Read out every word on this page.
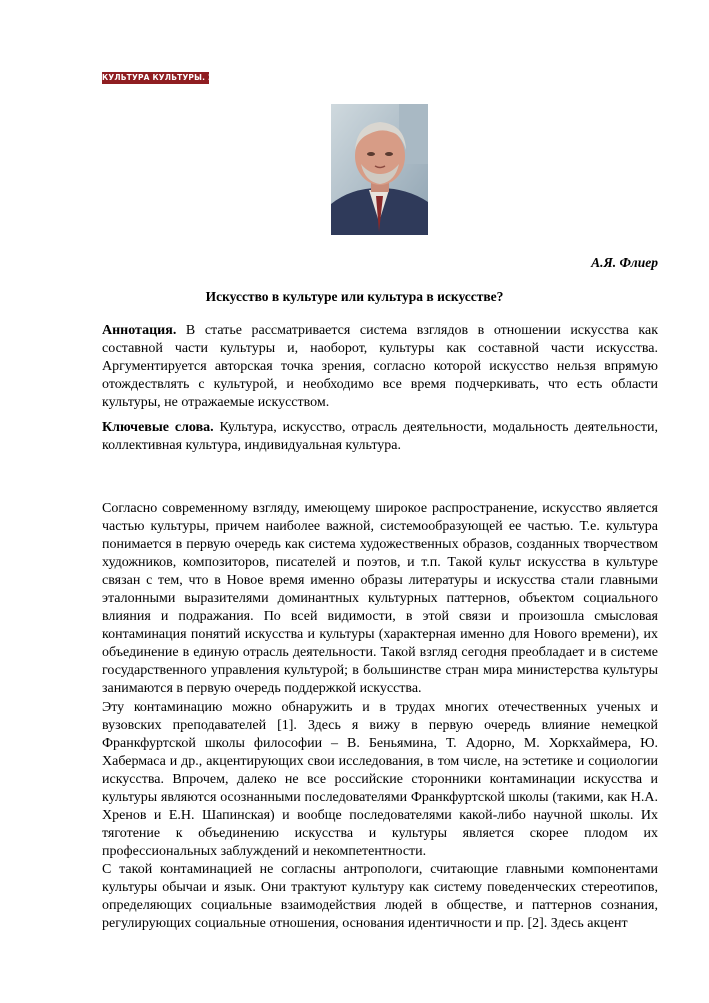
КУЛЬТУРА КУЛЬТУРЫ. 2019
А.Я. Флиер
Искусство в культуре или культура в искусстве?

Аннотация. В статье рассматривается система взглядов в отношении искусства как составной части культуры и, наоборот, культуры как составной части искусства. Аргументируется авторская точка зрения, согласно которой искусство нельзя впрямую отождествлять с культурой, и необходимо все время подчеркивать, что есть области культуры, не отражаемые искусством.

Ключевые слова. Культура, искусство, отрасль деятельности, модальность деятельности, коллективная культура, индивидуальная культура.

Согласно современному взгляду, имеющему широкое распространение, искусство является частью культуры, причем наиболее важной, системообразующей ее частью. Т.е. культура понимается в первую очередь как система художественных образов, созданных творчеством художников, композиторов, писателей и поэтов, и т.п. Такой культ искусства в культуре связан с тем, что в Новое время именно образы литературы и искусства стали главными эталонными выразителями доминантных культурных паттернов, объектом социального влияния и подражания. По всей видимости, в этой связи и произошла смысловая контаминация понятий искусства и культуры (характерная именно для Нового времени), их объединение в единую отрасль деятельности. Такой взгляд сегодня преобладает и в системе государственного управления культурой; в большинстве стран мира министерства культуры занимаются в первую очередь поддержкой искусства.

Эту контаминацию можно обнаружить и в трудах многих отечественных ученых и вузовских преподавателей [1]. Здесь я вижу в первую очередь влияние немецкой Франкфуртской школы философии – В. Беньямина, Т. Адорно, М. Хоркхаймера, Ю. Хабермаса и др., акцентирующих свои исследования, в том числе, на эстетике и социологии искусства. Впрочем, далеко не все российские сторонники контаминации искусства и культуры являются осознанными последователями Франкфуртской школы (такими, как Н.А. Хренов и Е.Н. Шапинская) и вообще последователями какой-либо научной школы. Их тяготение к объединению искусства и культуры является скорее плодом их профессиональных заблуждений и некомпетентности.

С такой контаминацией не согласны антропологи, считающие главными компонентами культуры обычаи и язык. Они трактуют культуру как систему поведенческих стереотипов, определяющих социальные взаимодействия людей в обществе, и паттернов сознания, регулирующих социальные отношения, основания идентичности и пр. [2]. Здесь акцент
